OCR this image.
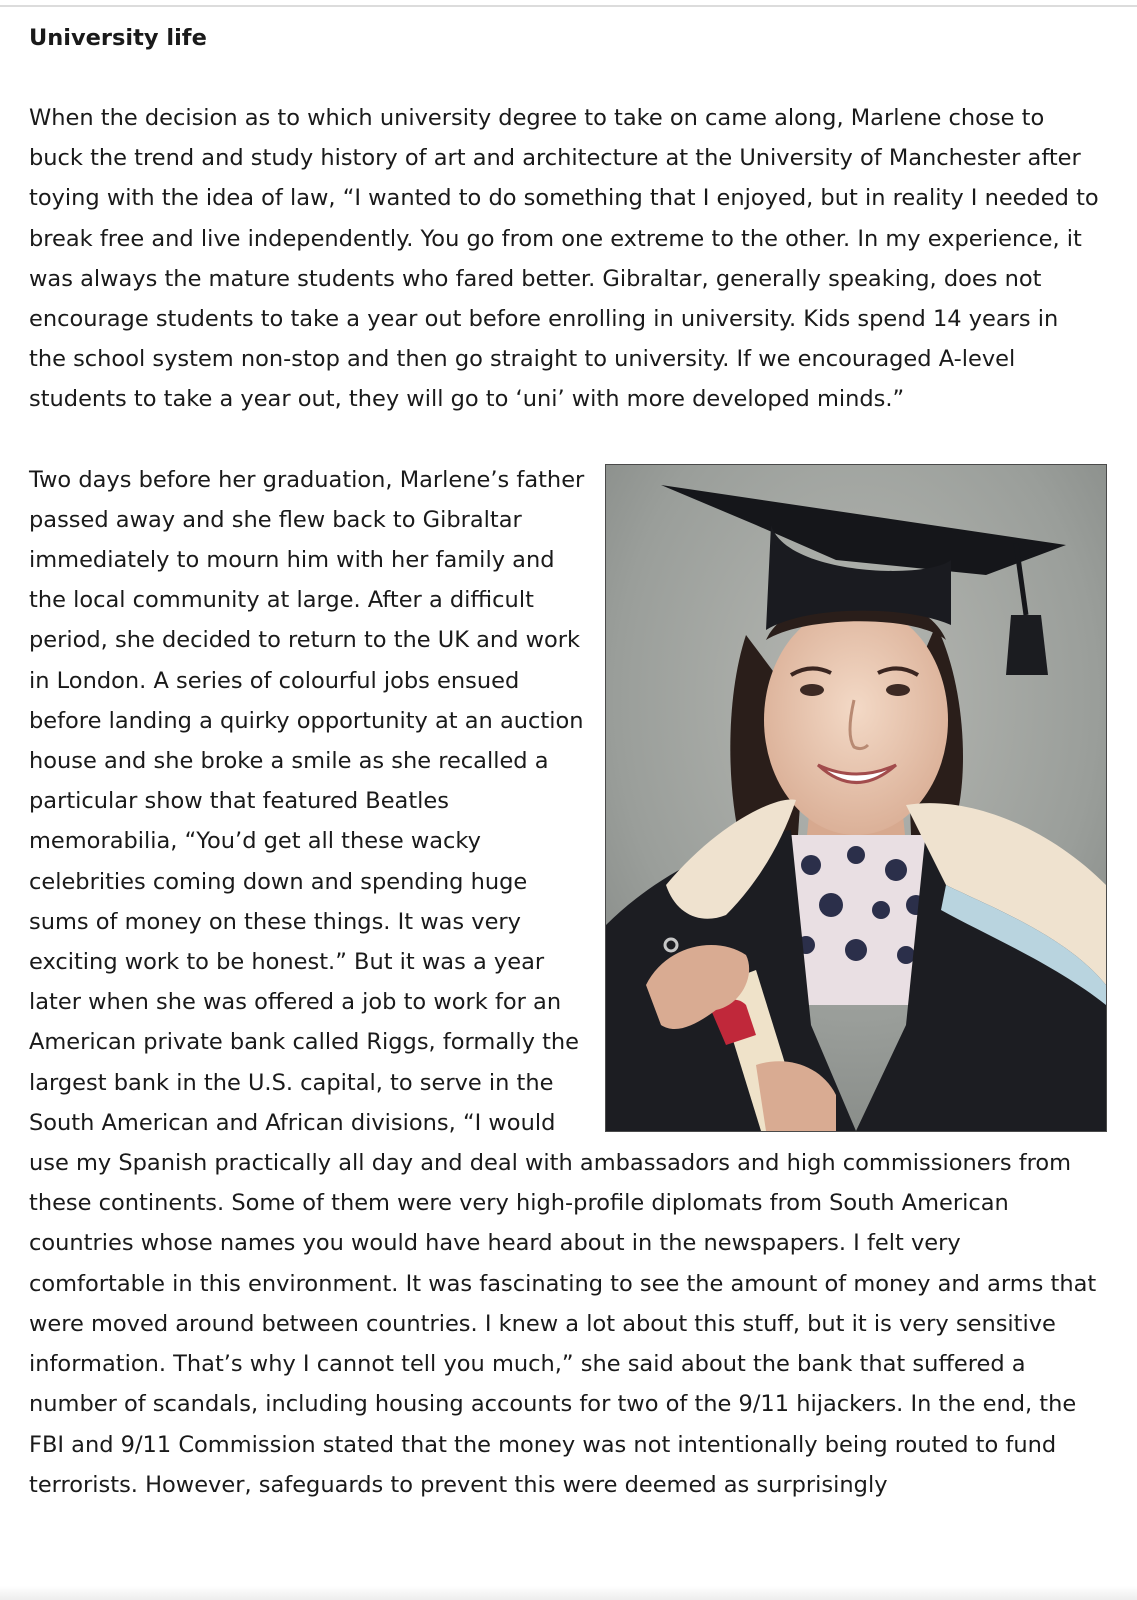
University life

When the decision as to which university degree to take on came along, Marlene chose to buck the trend and study history of art and architecture at the University of Manchester after toying with the idea of law, “I wanted to do something that I enjoyed, but in reality I needed to break free and live independently. You go from one extreme to the other. In my experience, it was always the mature students who fared better. Gibraltar, generally speaking, does not encourage students to take a year out before enrolling in university. Kids spend 14 years in the school system non-stop and then go straight to university. If we encouraged A-level students to take a year out, they will go to ‘uni’ with more developed minds.”

Two days before her graduation, Marlene’s father passed away and she flew back to Gibraltar immediately to mourn him with her family and the local community at large. After a difficult period, she decided to return to the UK and work in London. A series of colourful jobs ensued before landing a quirky opportunity at an auction house and she broke a smile as she recalled a particular show that featured Beatles memorabilia, “You’d get all these wacky celebrities coming down and spending huge sums of money on these things. It was very exciting work to be honest.” But it was a year later when she was offered a job to work for an American private bank called Riggs, formally the largest bank in the U.S. capital, to serve in the South American and African divisions, “I would use my Spanish practically all day and deal with ambassadors and high commissioners from these continents. Some of them were very high-profile diplomats from South American countries whose names you would have heard about in the newspapers. I felt very comfortable in this environment. It was fascinating to see the amount of money and arms that were moved around between countries. I knew a lot about this stuff, but it is very sensitive information. That’s why I cannot tell you much,” she said about the bank that suffered a number of scandals, including housing accounts for two of the 9/11 hijackers. In the end, the FBI and 9/11 Commission stated that the money was not intentionally being routed to fund terrorists. However, safeguards to prevent this were deemed as surprisingly
